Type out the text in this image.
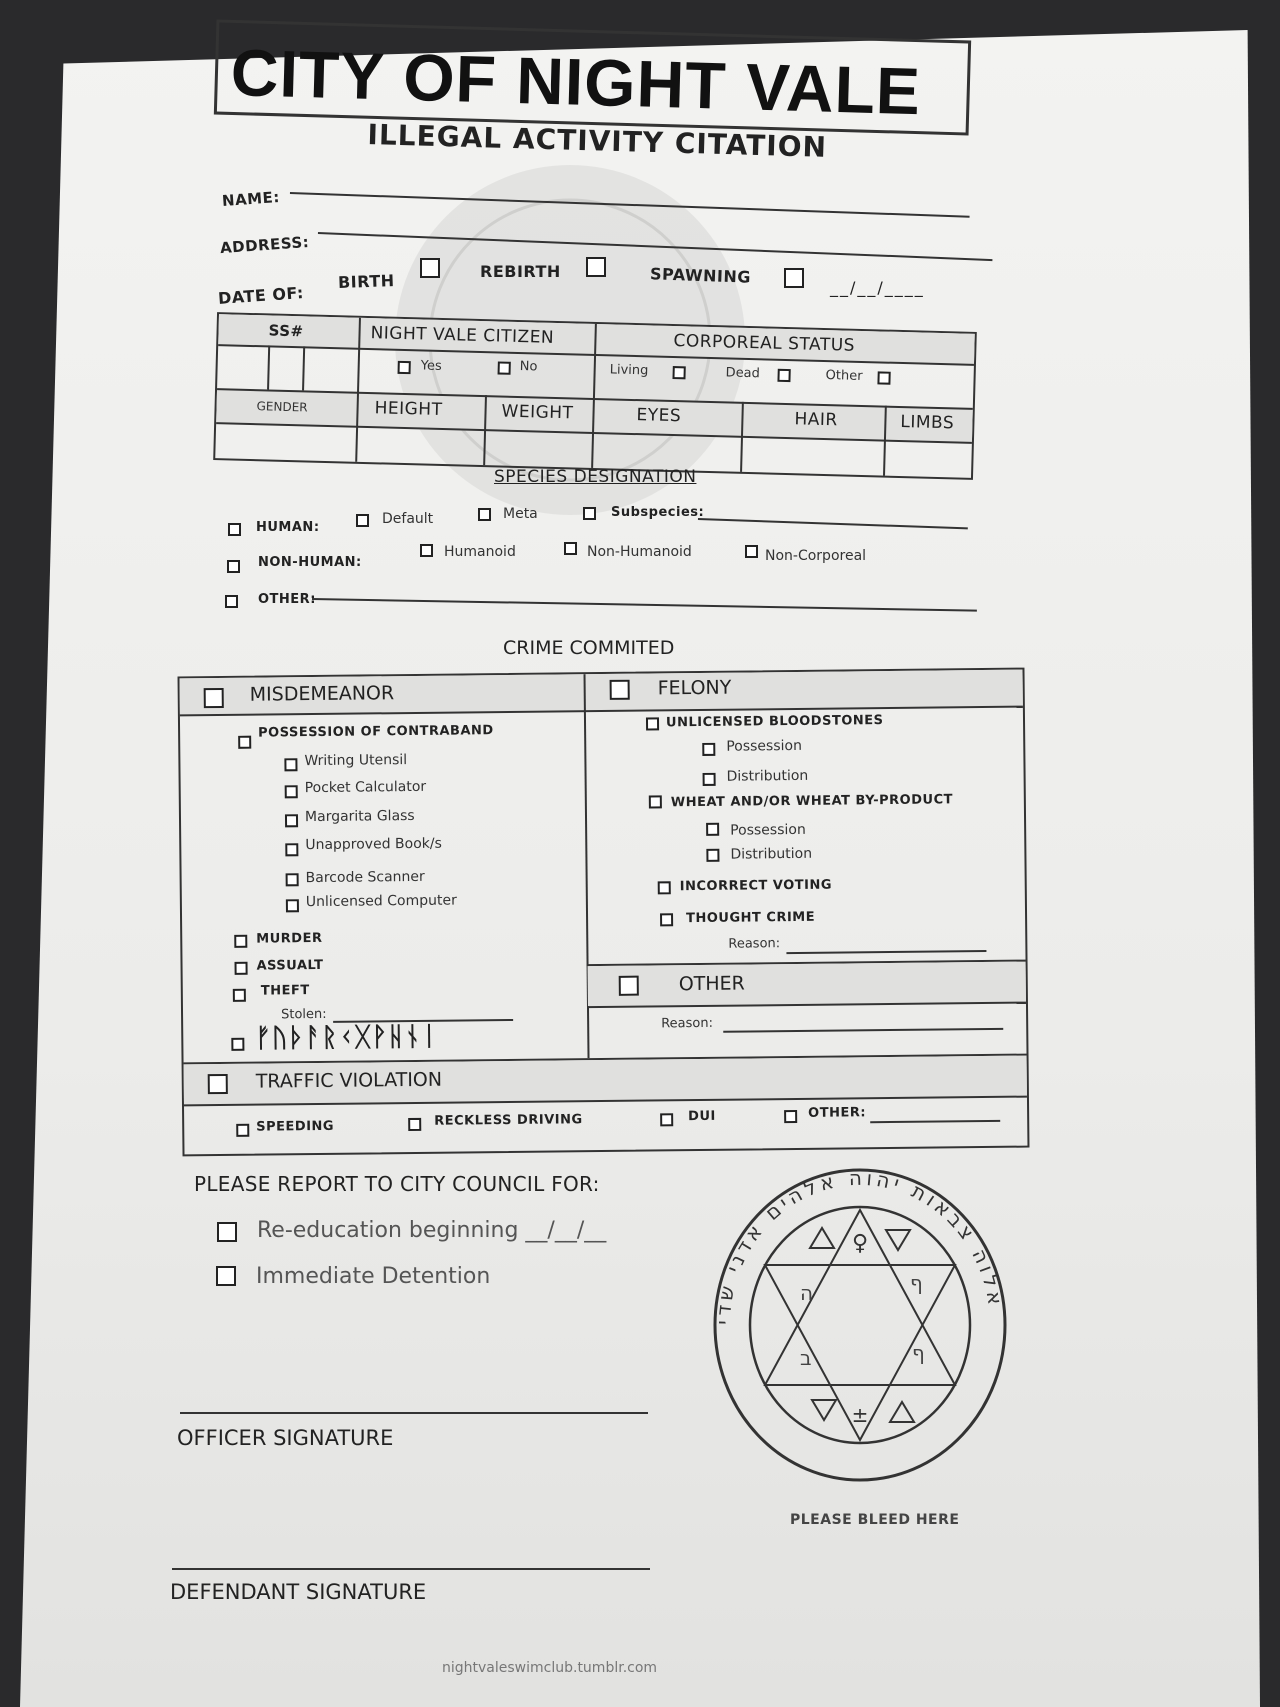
CITY OF NIGHT VALE
ILLEGAL ACTIVITY CITATION
NAME:
ADDRESS:
DATE OF:
BIRTH	REBIRTH	SPAWNING
__/__/____
SS#	NIGHT VALE CITIZEN	CORPOREAL STATUS
Yes	No	Living	Dead	Other
GENDER	HEIGHT	WEIGHT	EYES	HAIR	LIMBS
SPECIES DESIGNATION
HUMAN:
Default	Meta	Subspecies:
NON-HUMAN:
Humanoid	Non-Humanoid	Non-Corporeal
OTHER:
CRIME COMMITED
MISDEMEANOR	FELONY
POSSESSION OF CONTRABAND
Writing Utensil
Pocket Calculator
Margarita Glass
Unapproved Book/s
Barcode Scanner
Unlicensed Computer
MURDER
ASSUALT
THEFT
Stolen:
ᚠᚢᚦᚨᚱᚲᚷᚹᚺᚾᛁ
UNLICENSED BLOODSTONES
Possession
Distribution
WHEAT AND/OR WHEAT BY-PRODUCT
Possession
Distribution
INCORRECT VOTING
THOUGHT CRIME
Reason:
OTHER
Reason:
TRAFFIC VIOLATION
SPEEDING	RECKLESS DRIVING	DUI	OTHER:
PLEASE REPORT TO CITY COUNCIL FOR:
Re-education beginning __/__/__
Immediate Detention
OFFICER SIGNATURE
DEFENDANT SIGNATURE
♀
±
ה	ף
ב	ף
אלוה צבאות יהוה אלהים אדני שדי
PLEASE BLEED HERE
nightvaleswimclub.tumblr.com
